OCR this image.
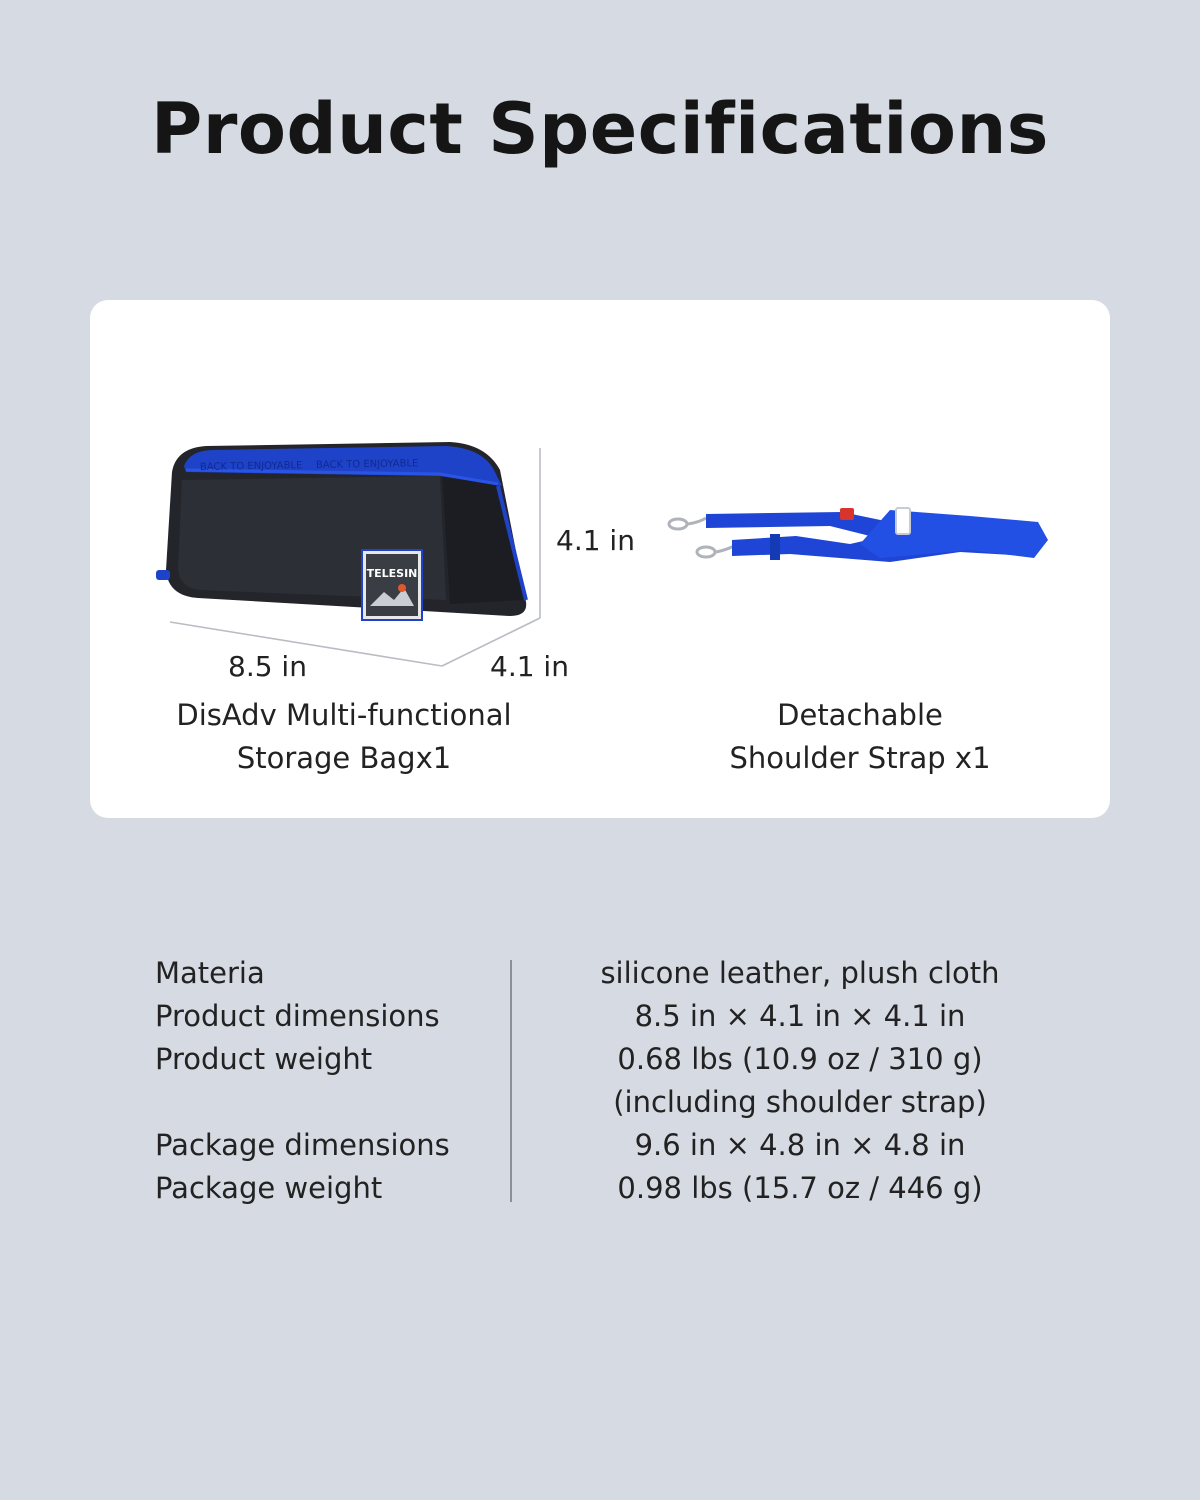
Product Specifications
BACK TO ENJOYABLE BACK TO ENJOYABLE
TELESIN
4.1 in
8.5 in	4.1 in
DisAdv Multi-functional
Storage Bagx1
Detachable
Shoulder Strap x1
Materia
Product dimensions
Product weight
Package dimensions
Package weight
silicone leather, plush cloth
8.5 in × 4.1 in × 4.1 in
0.68 lbs (10.9 oz / 310 g)
(including shoulder strap)
9.6 in × 4.8 in × 4.8 in
0.98 lbs (15.7 oz / 446 g)
